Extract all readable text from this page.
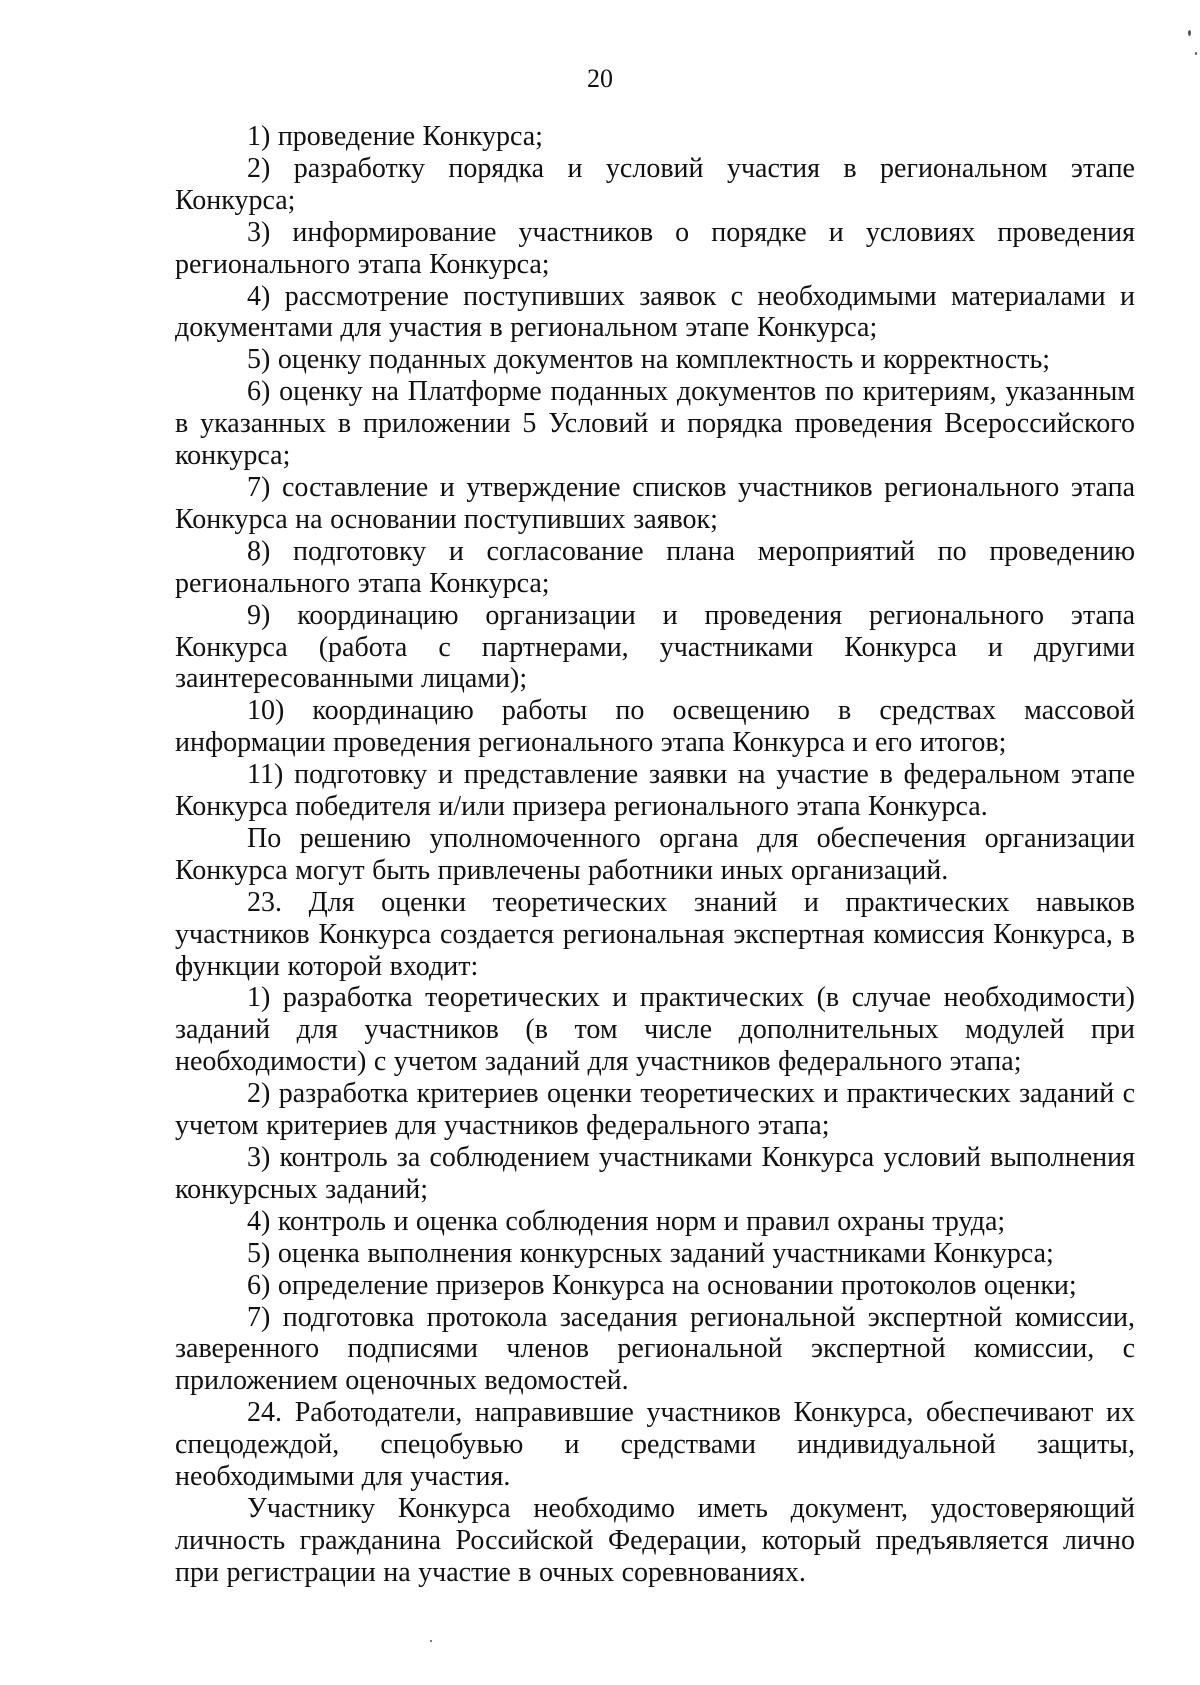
20

1) проведение Конкурса;

2) разработку порядка и условий участия в региональном этапе Конкурса;

3) информирование участников о порядке и условиях проведения регионального этапа Конкурса;

4) рассмотрение поступивших заявок с необходимыми материалами и документами для участия в региональном этапе Конкурса;

5) оценку поданных документов на комплектность и корректность;

6) оценку на Платформе поданных документов по критериям, указанным в указанных в приложении 5 Условий и порядка проведения Всероссийского конкурса;

7) составление и утверждение списков участников регионального этапа Конкурса на основании поступивших заявок;

8) подготовку и согласование плана мероприятий по проведению регионального этапа Конкурса;

9) координацию организации и проведения регионального этапа Конкурса (работа с партнерами, участниками Конкурса и другими заинтересованными лицами);

10) координацию работы по освещению в средствах массовой информации проведения регионального этапа Конкурса и его итогов;

11) подготовку и представление заявки на участие в федеральном этапе Конкурса победителя и/или призера регионального этапа Конкурса.

По решению уполномоченного органа для обеспечения организации Конкурса могут быть привлечены работники иных организаций.

23. Для оценки теоретических знаний и практических навыков участников Конкурса создается региональная экспертная комиссия Конкурса, в функции которой входит:

1) разработка теоретических и практических (в случае необходимости) заданий для участников (в том числе дополнительных модулей при необходимости) с учетом заданий для участников федерального этапа;

2) разработка критериев оценки теоретических и практических заданий с учетом критериев для участников федерального этапа;

3) контроль за соблюдением участниками Конкурса условий выполнения конкурсных заданий;

4) контроль и оценка соблюдения норм и правил охраны труда;

5) оценка выполнения конкурсных заданий участниками Конкурса;

6) определение призеров Конкурса на основании протоколов оценки;

7) подготовка протокола заседания региональной экспертной комиссии, заверенного подписями членов региональной экспертной комиссии, с приложением оценочных ведомостей.

24. Работодатели, направившие участников Конкурса, обеспечивают их спецодеждой, спецобувью и средствами индивидуальной защиты, необходимыми для участия.

Участнику Конкурса необходимо иметь документ, удостоверяющий личность гражданина Российской Федерации, который предъявляется лично при регистрации на участие в очных соревнованиях.
